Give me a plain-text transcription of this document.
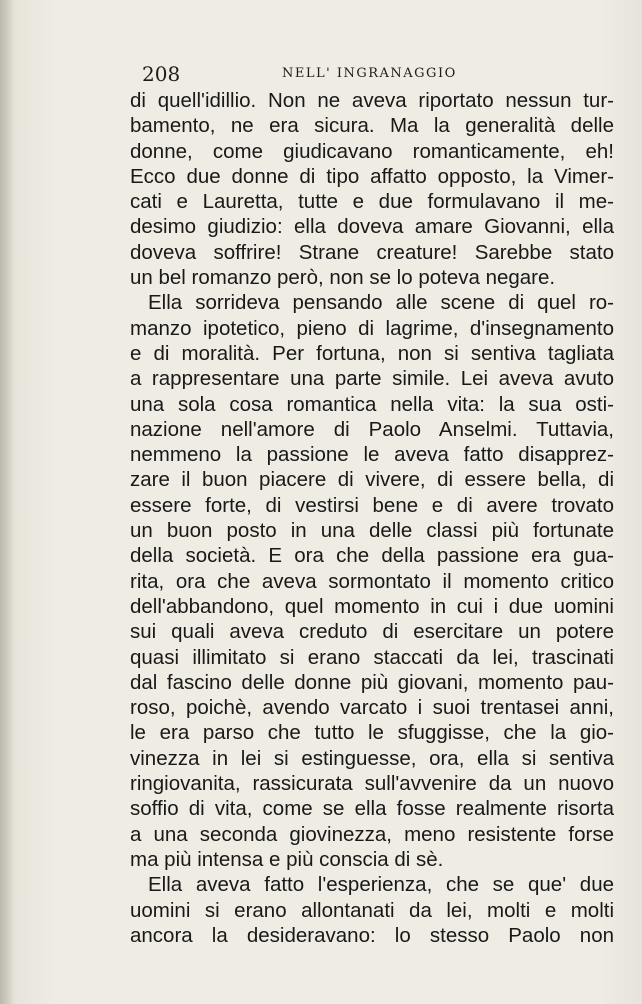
208	NELL' INGRANAGGIO
di quell'idillio. Non ne aveva riportato nessun tur-
bamento, ne era sicura. Ma la generalità delle
donne, come giudicavano romanticamente, eh!
Ecco due donne di tipo affatto opposto, la Vimer-
cati e Lauretta, tutte e due formulavano il me-
desimo giudizio: ella doveva amare Giovanni, ella
doveva soffrire! Strane creature! Sarebbe stato
un bel romanzo però, non se lo poteva negare.
Ella sorrideva pensando alle scene di quel ro-
manzo ipotetico, pieno di lagrime, d'insegnamento
e di moralità. Per fortuna, non si sentiva tagliata
a rappresentare una parte simile. Lei aveva avuto
una sola cosa romantica nella vita: la sua osti-
nazione nell'amore di Paolo Anselmi. Tuttavia,
nemmeno la passione le aveva fatto disapprez-
zare il buon piacere di vivere, di essere bella, di
essere forte, di vestirsi bene e di avere trovato
un buon posto in una delle classi più fortunate
della società. E ora che della passione era gua-
rita, ora che aveva sormontato il momento critico
dell'abbandono, quel momento in cui i due uomini
sui quali aveva creduto di esercitare un potere
quasi illimitato si erano staccati da lei, trascinati
dal fascino delle donne più giovani, momento pau-
roso, poichè, avendo varcato i suoi trentasei anni,
le era parso che tutto le sfuggisse, che la gio-
vinezza in lei si estinguesse, ora, ella si sentiva
ringiovanita, rassicurata sull'avvenire da un nuovo
soffio di vita, come se ella fosse realmente risorta
a una seconda giovinezza, meno resistente forse
ma più intensa e più conscia di sè.
Ella aveva fatto l'esperienza, che se que' due
uomini si erano allontanati da lei, molti e molti
ancora la desideravano: lo stesso Paolo non
